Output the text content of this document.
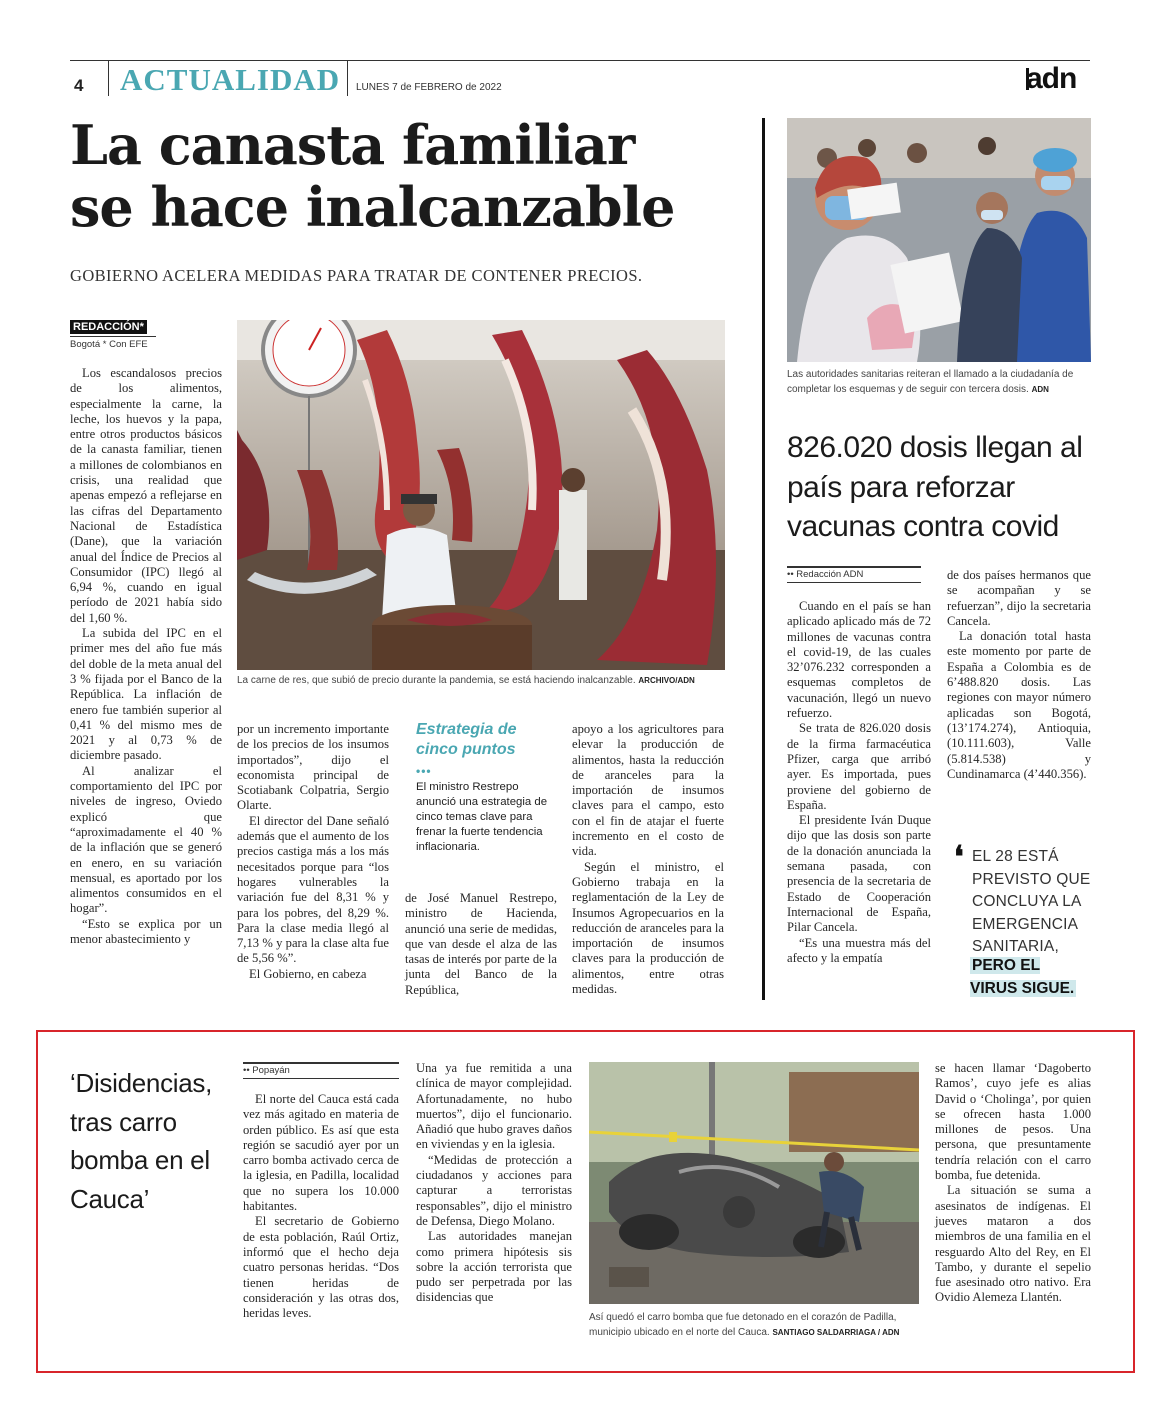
4 ACTUALIDAD LUNES 7 de FEBRERO de 2022	adn
La canasta familiar
se hace inalcanzable
GOBIERNO ACELERA MEDIDAS PARA TRATAR DE CONTENER PRECIOS.
REDACCIÓN*
Bogotá * Con EFE

Los escandalosos precios de los alimentos, especialmente la carne, la leche, los huevos y la papa, entre otros productos básicos de la canasta familiar, tienen a millones de colombianos en crisis, una realidad que apenas empezó a reflejarse en las cifras del Departamento Nacional de Estadística (Dane), que la variación anual del Índice de Precios al Consumidor (IPC) llegó al 6,94 %, cuando en igual período de 2021 había sido del 1,60 %.

La subida del IPC en el primer mes del año fue más del doble de la meta anual del 3 % fijada por el Banco de la República. La inflación de enero fue también superior al 0,41 % del mismo mes de 2021 y al 0,73 % de diciembre pasado.

Al analizar el comportamiento del IPC por niveles de ingreso, Oviedo explicó que “aproximadamente el 40 % de la inflación que se generó en enero, en su variación mensual, es aportado por los alimentos consumidos en el hogar”.

“Esto se explica por un menor abastecimiento y

La carne de res, que subió de precio durante la pandemia, se está haciendo inalcanzable. ARCHIVO/ADN

por un incremento importante de los precios de los insumos importados”, dijo el economista principal de Scotiabank Colpatria, Sergio Olarte.

El director del Dane señaló además que el aumento de los precios castiga más a los más necesitados porque para “los hogares vulnerables la variación fue del 8,31 % y para los pobres, del 8,29 %. Para la clase media llegó al 7,13 % y para la clase alta fue de 5,56 %”.

El Gobierno, en cabeza

Estrategia de cinco puntos
•••
El ministro Restrepo anunció una estrategia de cinco temas clave para frenar la fuerte tendencia inflacionaria.

de José Manuel Restrepo, ministro de Hacienda, anunció una serie de medidas, que van desde el alza de las tasas de interés por parte de la junta del Banco de la República,

apoyo a los agricultores para elevar la producción de alimentos, hasta la reducción de aranceles para la importación de insumos claves para el campo, esto con el fin de atajar el fuerte incremento en el costo de vida.

Según el ministro, el Gobierno trabaja en la reglamentación de la Ley de Insumos Agropecuarios en la reducción de aranceles para la importación de insumos claves para la producción de alimentos, entre otras medidas.

Las autoridades sanitarias reiteran el llamado a la ciudadanía de completar los esquemas y de seguir con tercera dosis. ADN
826.020 dosis llegan al país para reforzar vacunas contra covid
•• Redacción ADN

Cuando en el país se han aplicado aplicado más de 72 millones de vacunas contra el covid-19, de las cuales 32’076.232 corresponden a esquemas completos de vacunación, llegó un nuevo refuerzo.

Se trata de 826.020 dosis de la firma farmacéutica Pfizer, carga que arribó ayer. Es importada, pues proviene del gobierno de España.

El presidente Iván Duque dijo que las dosis son parte de la donación anunciada la semana pasada, con presencia de la secretaria de Estado de Cooperación Internacional de España, Pilar Cancela.

“Es una muestra más del afecto y la empatía

de dos países hermanos que se acompañan y se refuerzan”, dijo la secretaria Cancela.

La donación total hasta este momento por parte de España a Colombia es de 6’488.820 dosis. Las regiones con mayor número aplicadas son Bogotá, (13’174.274), Antioquia, (10.111.603), Valle (5.814.538) y Cundinamarca (4’440.356).

❛ EL 28 ESTÁ PREVISTO QUE CONCLUYA LA EMERGENCIA SANITARIA,
PERO EL VIRUS SIGUE.
‘Disidencias, tras carro bomba en el Cauca’
•• Popayán

El norte del Cauca está cada vez más agitado en materia de orden público. Es así que esta región se sacudió ayer por un carro bomba activado cerca de la iglesia, en Padilla, localidad que no supera los 10.000 habitantes.

El secretario de Gobierno de esta población, Raúl Ortiz, informó que el hecho deja cuatro personas heridas. “Dos tienen heridas de consideración y las otras dos, heridas leves.

Una ya fue remitida a una clínica de mayor complejidad. Afortunadamente, no hubo muertos”, dijo el funcionario. Añadió que hubo graves daños en viviendas y en la iglesia.

“Medidas de protección a ciudadanos y acciones para capturar a terroristas responsables”, dijo el ministro de Defensa, Diego Molano.

Las autoridades manejan como primera hipótesis sis sobre la acción terrorista que pudo ser perpetrada por las disidencias que

Así quedó el carro bomba que fue detonado en el corazón de Padilla, municipio ubicado en el norte del Cauca. SANTIAGO SALDARRIAGA / ADN

se hacen llamar ‘Dagoberto Ramos’, cuyo jefe es alias David o ‘Cholinga’, por quien se ofrecen hasta 1.000 millones de pesos. Una persona, que presuntamente tendría relación con el carro bomba, fue detenida.

La situación se suma a asesinatos de indígenas. El jueves mataron a dos miembros de una familia en el resguardo Alto del Rey, en El Tambo, y durante el sepelio fue asesinado otro nativo. Era Ovidio Alemeza Llantén.
